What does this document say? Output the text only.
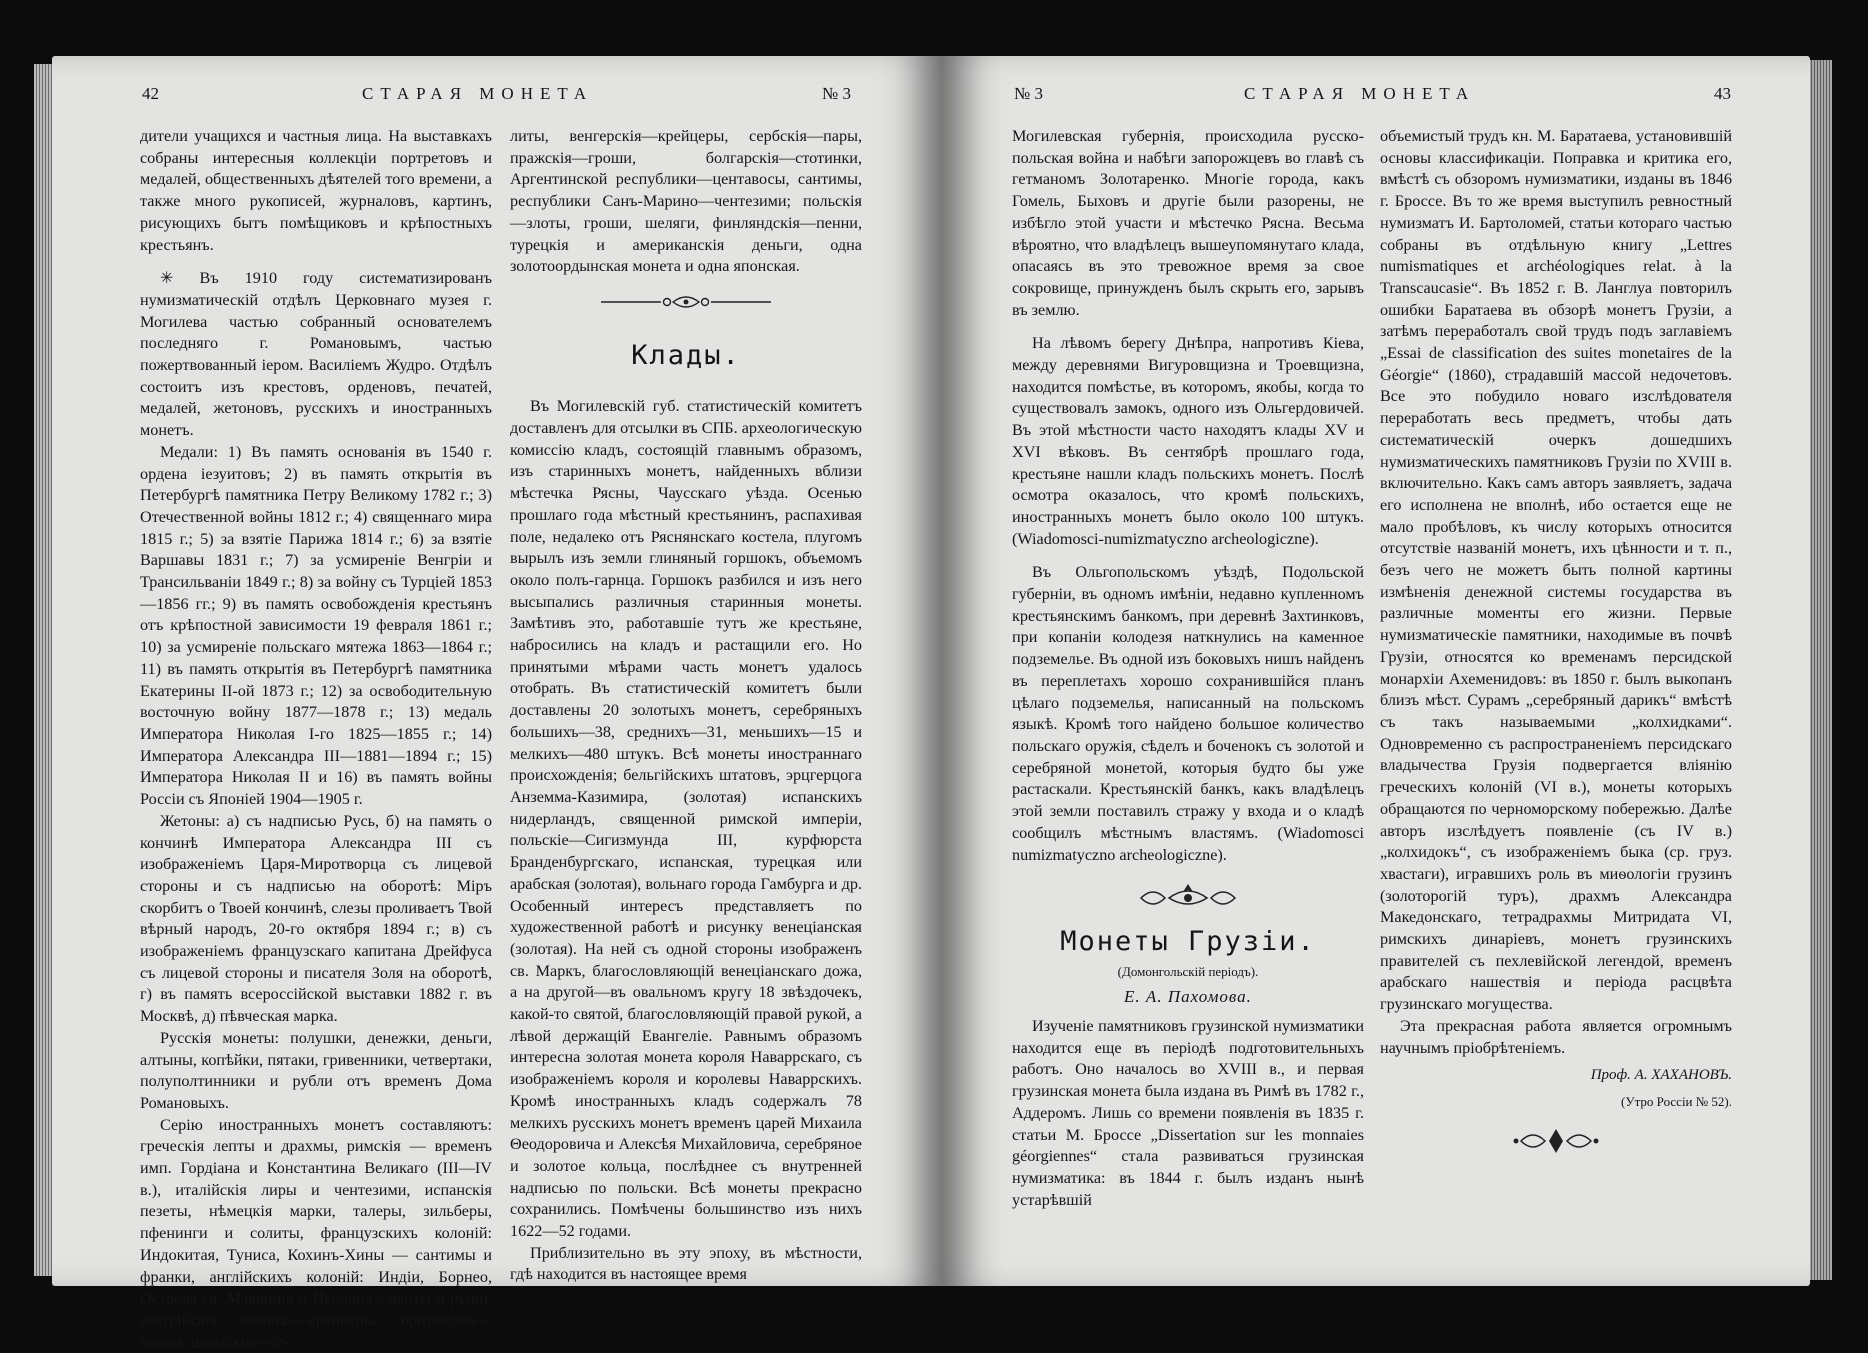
42	СТАРАЯ МОНЕТА	№ 3

дители учащихся и частныя лица. На выставкахъ собраны интересныя коллекціи портретовъ и медалей, общественныхъ дѣятелей того времени, а также много рукописей, журналовъ, картинъ, рисующихъ бытъ помѣщиковъ и крѣпостныхъ крестьянъ.

✳ Въ 1910 году систематизированъ нумизматическій отдѣлъ Церковнаго музея г. Могилева частью собранный основателемъ последняго г. Романовымъ, частью пожертвованный іером. Василіемъ Жудро. Отдѣлъ состоитъ изъ крестовъ, орденовъ, печатей, медалей, жетоновъ, русскихъ и иностранныхъ монетъ.

Медали: 1) Въ память основанія въ 1540 г. ордена іезуитовъ; 2) въ память открытія въ Петербургѣ памятника Петру Великому 1782 г.; 3) Отечественной войны 1812 г.; 4) священнаго мира 1815 г.; 5) за взятіе Парижа 1814 г.; 6) за взятіе Варшавы 1831 г.; 7) за усмиреніе Венгріи и Трансильваніи 1849 г.; 8) за войну съ Турціей 1853—1856 гг.; 9) въ память освобожденія крестьянъ отъ крѣпостной зависимости 19 февраля 1861 г.; 10) за усмиреніе польскаго мятежа 1863—1864 г.; 11) въ память открытія въ Петербургѣ памятника Екатерины II-ой 1873 г.; 12) за освободительную восточную войну 1877—1878 г.; 13) медаль Императора Николая I-го 1825—1855 г.; 14) Императора Александра III—1881—1894 г.; 15) Императора Николая II и 16) въ память войны Россіи съ Японіей 1904—1905 г.

Жетоны: а) съ надписью Русь, б) на память о кончинѣ Императора Александра III съ изображеніемъ Царя-Миротворца съ лицевой стороны и съ надписью на оборотѣ: Міръ скорбитъ о Твоей кончинѣ, слезы проливаетъ Твой вѣрный народъ, 20-го октября 1894 г.; в) съ изображеніемъ французскаго капитана Дрейфуса съ лицевой стороны и писателя Золя на оборотѣ, г) въ память всероссійской выставки 1882 г. въ Москвѣ, д) пѣвческая марка.

Русскія монеты: полушки, денежки, деньги, алтыны, копѣйки, пятаки, гривенники, четвертаки, полуполтинники и рубли отъ временъ Дома Романовыхъ.

Серію иностранныхъ монетъ составляютъ: греческія лепты и драхмы, римскія — временъ имп. Гордіана и Константина Великаго (III—IV в.), италійскія лиры и чентезими, испанскія пезеты, нѣмецкія марки, талеры, зильберы, пфенинги и солиты, французскихъ колоній: Индокитая, Туниса, Кохинъ-Хины — сантимы и франки, англійскихъ колоній: Индіи, Борнео, Острова св. Мавриція и Цейлона—центы и рупіи, австрійскія монеты—крейцеры, британскія—пенсы, шведскія—со-

литы, венгерскія—крейцеры, сербскія—пары, пражскія—гроши, болгарскія—стотинки, Аргентинской республики—центавосы, сантимы, республики Санъ-Марино—чентезими; польскія—злоты, гроши, шеляги, финляндскія—пенни, турецкія и американскія деньги, одна золотоордынская монета и одна японская.

Клады.

Въ Могилевскій губ. статистическій комитетъ доставленъ для отсылки въ СПБ. археологическую комиссію кладъ, состоящій главнымъ образомъ, изъ старинныхъ монетъ, найденныхъ вблизи мѣстечка Рясны, Чаусскаго уѣзда. Осенью прошлаго года мѣстный крестьянинъ, распахивая поле, недалеко отъ Ряснянскаго костела, плугомъ вырылъ изъ земли глиняный горшокъ, объемомъ около полъ-гарнца. Горшокъ разбился и изъ него высыпались различныя старинныя монеты. Замѣтивъ это, работавшіе тутъ же крестьяне, набросились на кладъ и растащили его. Но принятыми мѣрами часть монетъ удалось отобрать. Въ статистическій комитетъ были доставлены 20 золотыхъ монетъ, серебряныхъ большихъ—38, среднихъ—31, меньшихъ—15 и мелкихъ—480 штукъ. Всѣ монеты иностраннаго происхожденія; бельгійскихъ штатовъ, эрцгерцога Анземма-Казимира, (золотая) испанскихъ нидерландъ, священной римской имперіи, польскіе—Сигизмунда III, курфюрста Бранденбургскаго, испанская, турецкая или арабская (золотая), вольнаго города Гамбурга и др. Особенный интересъ представляетъ по художественной работѣ и рисунку венеціанская (золотая). На ней съ одной стороны изображенъ св. Маркъ, благословляющій венеціанскаго дожа, а на другой—въ овальномъ кругу 18 звѣздочекъ, какой-то святой, благословляющій правой рукой, а лѣвой держащій Евангеліе. Равнымъ образомъ интересна золотая монета короля Наваррскаго, съ изображеніемъ короля и королевы Наваррскихъ. Кромѣ иностранныхъ кладъ содержалъ 78 мелкихъ русскихъ монетъ временъ царей Михаила Θеодоровича и Алексѣя Михайловича, серебряное и золотое кольца, послѣднее съ внутренней надписью по польски. Всѣ монеты прекрасно сохранились. Помѣчены большинство изъ нихъ 1622—52 годами.

Приблизительно въ эту эпоху, въ мѣстности, гдѣ находится въ настоящее время

№ 3	СТАРАЯ МОНЕТА	43

Могилевская губернія, происходила русско-польская война и набѣги запорожцевъ во главѣ съ гетманомъ Золотаренко. Многіе города, какъ Гомель, Быховъ и другіе были разорены, не избѣгло этой участи и мѣстечко Рясна. Весьма вѣроятно, что владѣлецъ вышеупомянутаго клада, опасаясь въ это тревожное время за свое сокровище, принужденъ былъ скрыть его, зарывъ въ землю.

На лѣвомъ берегу Днѣпра, напротивъ Кіева, между деревнями Вигуровщизна и Троевщизна, находится помѣстье, въ которомъ, якобы, когда то существовалъ замокъ, одного изъ Ольгердовичей. Въ этой мѣстности часто находятъ клады XV и XVI вѣковъ. Въ сентябрѣ прошлаго года, крестьяне нашли кладъ польскихъ монетъ. Послѣ осмотра оказалось, что кромѣ польскихъ, иностранныхъ монетъ было около 100 штукъ. (Wiadomosci-numizmatyczno archeologiczne).

Въ Ольгопольскомъ уѣздѣ, Подольской губерніи, въ одномъ имѣніи, недавно купленномъ крестьянскимъ банкомъ, при деревнѣ Захтинковъ, при копаніи колодезя наткнулись на каменное подземелье. Въ одной изъ боковыхъ нишъ найденъ въ переплетахъ хорошо сохранившійся планъ цѣлаго подземелья, написанный на польскомъ языкѣ. Кромѣ того найдено большое количество польскаго оружія, сѣделъ и боченокъ съ золотой и серебряной монетой, которыя будто бы уже растаскали. Крестьянскій банкъ, какъ владѣлецъ этой земли поставилъ стражу у входа и о кладѣ сообщилъ мѣстнымъ властямъ. (Wiadomosci numizmatyczno archeologiczne).

Монеты Грузіи.
(Домонгольскій періодъ).
Е. А. Пахомова.

Изученіе памятниковъ грузинской нумизматики находится еще въ періодѣ подготовительныхъ работъ. Оно началось во XVIII в., и первая грузинская монета была издана въ Римѣ въ 1782 г., Аддеромъ. Лишь со времени появленія въ 1835 г. статьи М. Броссе „Dissertation sur les monnaies géorgiennes“ стала развиваться грузинская нумизматика: въ 1844 г. былъ изданъ нынѣ устарѣвшій

объемистый трудъ кн. М. Баратаева, установившій основы классификаціи. Поправка и критика его, вмѣстѣ съ обзоромъ нумизматики, изданы въ 1846 г. Броссе. Въ то же время выступилъ ревностный нумизматъ И. Бартоломей, статьи котораго частью собраны въ отдѣльную книгу „Lettres numismatiques et archéologiques relat. à la Transcaucasie“. Въ 1852 г. В. Ланглуа повторилъ ошибки Баратаева въ обзорѣ монетъ Грузіи, а затѣмъ переработалъ свой трудъ подъ заглавіемъ „Essai de classification des suites monetaires de la Géorgie“ (1860), страдавшій массой недочетовъ. Все это побудило новаго изслѣдователя переработать весь предметъ, чтобы дать систематическій очеркъ дошедшихъ нумизматическихъ памятниковъ Грузіи по XVIII в. включительно. Какъ самъ авторъ заявляетъ, задача его исполнена не вполнѣ, ибо остается еще не мало пробѣловъ, къ числу которыхъ относится отсутствіе названій монетъ, ихъ цѣнности и т. п., безъ чего не можетъ быть полной картины измѣненія денежной системы государства въ различные моменты его жизни. Первые нумизматическіе памятники, находимые въ почвѣ Грузіи, относятся ко временамъ персидской монархіи Ахеменидовъ: въ 1850 г. былъ выкопанъ близъ мѣст. Сурамъ „серебряный дарикъ“ вмѣстѣ съ такъ называемыми „колхидками“. Одновременно съ распространеніемъ персидскаго владычества Грузія подвергается вліянію греческихъ колоній (VI в.), монеты которыхъ обращаются по черноморскому побережью. Далѣе авторъ изслѣдуетъ появленіе (съ IV в.) „колхидокъ“, съ изображеніемъ быка (ср. груз. хвастаги), игравшихъ роль въ миѳологіи грузинъ (золоторогій туръ), драхмъ Александра Македонскаго, тетрадрахмы Митридата VI, римскихъ динаріевъ, монетъ грузинскихъ правителей съ пехлевійской легендой, временъ арабскаго нашествія и періода расцвѣта грузинскаго могущества.

Эта прекрасная работа является огромнымъ научнымъ пріобрѣтеніемъ.

Проф. А. ХАХАНОВЪ.
(Утро Россіи № 52).
